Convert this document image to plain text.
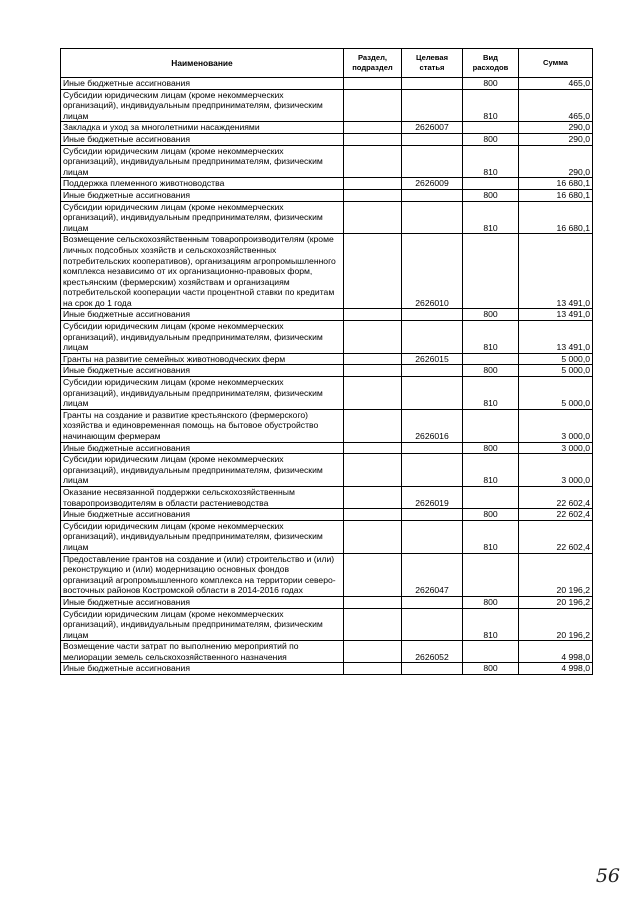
Наименование	Раздел, подраздел	Целевая статья	Вид расходов	Сумма
Иные бюджетные ассигнования			800	465,0
Субсидии юридическим лицам (кроме некоммерческих организаций), индивидуальным предпринимателям, физическим лицам			810	465,0
Закладка и уход за многолетними насаждениями		2626007		290,0
Иные бюджетные ассигнования			800	290,0
Субсидии юридическим лицам (кроме некоммерческих организаций), индивидуальным предпринимателям, физическим лицам			810	290,0
Поддержка племенного животноводства		2626009		16 680,1
Иные бюджетные ассигнования			800	16 680,1
Субсидии юридическим лицам (кроме некоммерческих организаций), индивидуальным предпринимателям, физическим лицам			810	16 680,1
Возмещение сельскохозяйственным товаропроизводителям (кроме личных подсобных хозяйств и сельскохозяйственных потребительских кооперативов), организациям агропромышленного комплекса независимо от их организационно-правовых форм, крестьянским (фермерским) хозяйствам и организациям потребительской кооперации части процентной ставки по кредитам на срок до 1 года		2626010		13 491,0
Иные бюджетные ассигнования			800	13 491,0
Субсидии юридическим лицам (кроме некоммерческих организаций), индивидуальным предпринимателям, физическим лицам			810	13 491,0
Гранты на развитие семейных животноводческих ферм		2626015		5 000,0
Иные бюджетные ассигнования			800	5 000,0
Субсидии юридическим лицам (кроме некоммерческих организаций), индивидуальным предпринимателям, физическим лицам			810	5 000,0
Гранты на создание и развитие крестьянского (фермерского) хозяйства и единовременная помощь на бытовое обустройство начинающим фермерам		2626016		3 000,0
Иные бюджетные ассигнования			800	3 000,0
Субсидии юридическим лицам (кроме некоммерческих организаций), индивидуальным предпринимателям, физическим лицам			810	3 000,0
Оказание несвязанной поддержки сельскохозяйственным товаропроизводителям в области растениеводства		2626019		22 602,4
Иные бюджетные ассигнования			800	22 602,4
Субсидии юридическим лицам (кроме некоммерческих организаций), индивидуальным предпринимателям, физическим лицам			810	22 602,4
Предоставление грантов на создание и (или) строительство и (или) реконструкцию и (или) модернизацию основных фондов организаций агропромышленного комплекса на территории северо-восточных районов Костромской области в 2014-2016 годах		2626047		20 196,2
Иные бюджетные ассигнования			800	20 196,2
Субсидии юридическим лицам (кроме некоммерческих организаций), индивидуальным предпринимателям, физическим лицам			810	20 196,2
Возмещение части затрат по выполнению мероприятий по мелиорации земель сельскохозяйственного назначения		2626052		4 998,0
Иные бюджетные ассигнования			800	4 998,0
56
